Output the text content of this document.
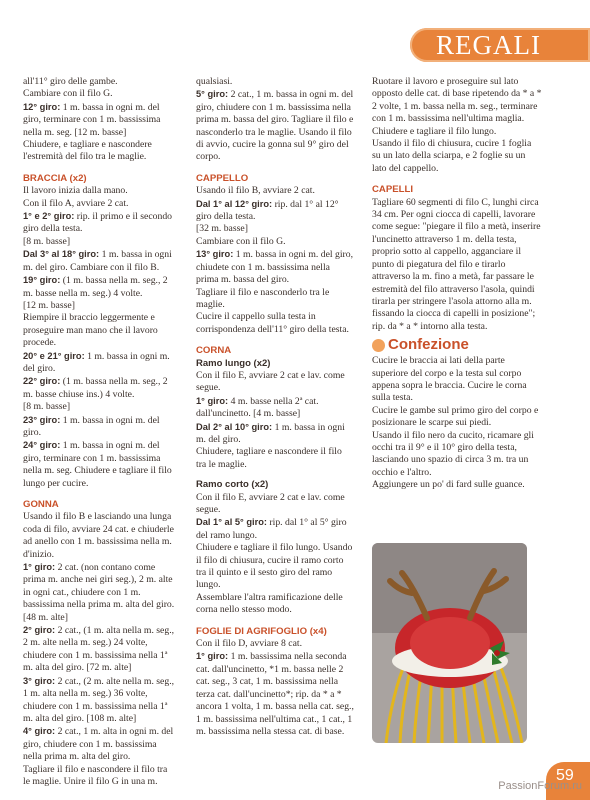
REGALI

all'11° giro delle gambe.

Cambiare con il filo G.

12° giro: 1 m. bassa in ogni m. del giro, terminare con 1 m. bassissima nella m. seg. [12 m. basse]

Chiudere, e tagliare e nascondere l'estremità del filo tra le maglie.

BRACCIA (x2)

Il lavoro inizia dalla mano.

Con il filo A, avviare 2 cat.

1° e 2° giro: rip. il primo e il secondo giro della testa.

[8 m. basse]

Dal 3° al 18° giro: 1 m. bassa in ogni m. del giro. Cambiare con il filo B.

19° giro: (1 m. bassa nella m. seg., 2 m. basse nella m. seg.) 4 volte.

[12 m. basse]

Riempire il braccio leggermente e proseguire man mano che il lavoro procede.

20° e 21° giro: 1 m. bassa in ogni m. del giro.

22° giro: (1 m. bassa nella m. seg., 2 m. basse chiuse ins.) 4 volte.

[8 m. basse]

23° giro: 1 m. bassa in ogni m. del giro.

24° giro: 1 m. bassa in ogni m. del giro, terminare con 1 m. bassissima nella m. seg. Chiudere e tagliare il filo lungo per cucire.

GONNA

Usando il filo B e lasciando una lunga coda di filo, avviare 24 cat. e chiuderle ad anello con 1 m. bassissima nella m. d'inizio.

1° giro: 2 cat. (non contano come prima m. anche nei giri seg.), 2 m. alte in ogni cat., chiudere con 1 m. bassissima nella prima m. alta del giro. [48 m. alte]

2° giro: 2 cat., (1 m. alta nella m. seg., 2 m. alte nella m. seg.) 24 volte, chiudere con 1 m. bassissima nella 1ª m. alta del giro. [72 m. alte]

3° giro: 2 cat., (2 m. alte nella m. seg., 1 m. alta nella m. seg.) 36 volte, chiudere con 1 m. bassissima nella 1ª m. alta del giro. [108 m. alte]

4° giro: 2 cat., 1 m. alta in ogni m. del giro, chiudere con 1 m. bassissima nella prima m. alta del giro.

Tagliare il filo e nascondere il filo tra le maglie. Unire il filo G in una m.

qualsiasi.

5° giro: 2 cat., 1 m. bassa in ogni m. del giro, chiudere con 1 m. bassissima nella prima m. bassa del giro. Tagliare il filo e nasconderlo tra le maglie. Usando il filo di avvio, cucire la gonna sul 9° giro del corpo.

CAPPELLO

Usando il filo B, avviare 2 cat.

Dal 1° al 12° giro: rip. dal 1° al 12° giro della testa.

[32 m. basse]

Cambiare con il filo G.

13° giro: 1 m. bassa in ogni m. del giro, chiudete con 1 m. bassissima nella prima m. bassa del giro.

Tagliare il filo e nasconderlo tra le maglie.

Cucire il cappello sulla testa in corrispondenza dell'11° giro della testa.

CORNA

Ramo lungo (x2)

Con il filo E, avviare 2 cat e lav. come segue.

1° giro: 4 m. basse nella 2ª cat. dall'uncinetto. [4 m. basse]

Dal 2° al 10° giro: 1 m. bassa in ogni m. del giro.

Chiudere, tagliare e nascondere il filo tra le maglie.

Ramo corto (x2)

Con il filo E, avviare 2 cat e lav. come segue.

Dal 1° al 5° giro: rip. dal 1° al 5° giro del ramo lungo.

Chiudere e tagliare il filo lungo. Usando il filo di chiusura, cucire il ramo corto tra il quinto e il sesto giro del ramo lungo.

Assemblare l'altra ramificazione delle corna nello stesso modo.

FOGLIE DI AGRIFOGLIO (x4)

Con il filo D, avviare 8 cat.

1° giro: 1 m. bassissima nella seconda cat. dall'uncinetto, *1 m. bassa nelle 2 cat. seg., 3 cat, 1 m. bassissima nella terza cat. dall'uncinetto*; rip. da * a * ancora 1 volta, 1 m. bassa nella cat. seg., 1 m. bassissima nell'ultima cat., 1 cat., 1 m. bassissima nella stessa cat. di base.

Ruotare il lavoro e proseguire sul lato opposto delle cat. di base ripetendo da * a * 2 volte, 1 m. bassa nella m. seg., terminare con 1 m. bassissima nell'ultima maglia.

Chiudere e tagliare il filo lungo.

Usando il filo di chiusura, cucire 1 foglia su un lato della sciarpa, e 2 foglie su un lato del cappello.

CAPELLI

Tagliare 60 segmenti di filo C, lunghi circa 34 cm. Per ogni ciocca di capelli, lavorare come segue: "piegare il filo a metà, inserire l'uncinetto attraverso 1 m. della testa, proprio sotto al cappello, agganciare il punto di piegatura del filo e tirarlo attraverso la m. fino a metà, far passare le estremità del filo attraverso l'asola, quindi tirarla per stringere l'asola attorno alla m. fissando la ciocca di capelli in posizione"; rip. da * a * intorno alla testa.

Confezione

Cucire le braccia ai lati della parte superiore del corpo e la testa sul corpo appena sopra le braccia. Cucire le corna sulla testa.

Cucire le gambe sul primo giro del corpo e posizionare le scarpe sui piedi.

Usando il filo nero da cucito, ricamare gli occhi tra il 9° e il 10° giro della testa, lasciando uno spazio di circa 3 m. tra un occhio e l'altro.

Aggiungere un po' di fard sulle guance.

59
PassionForum.ru
